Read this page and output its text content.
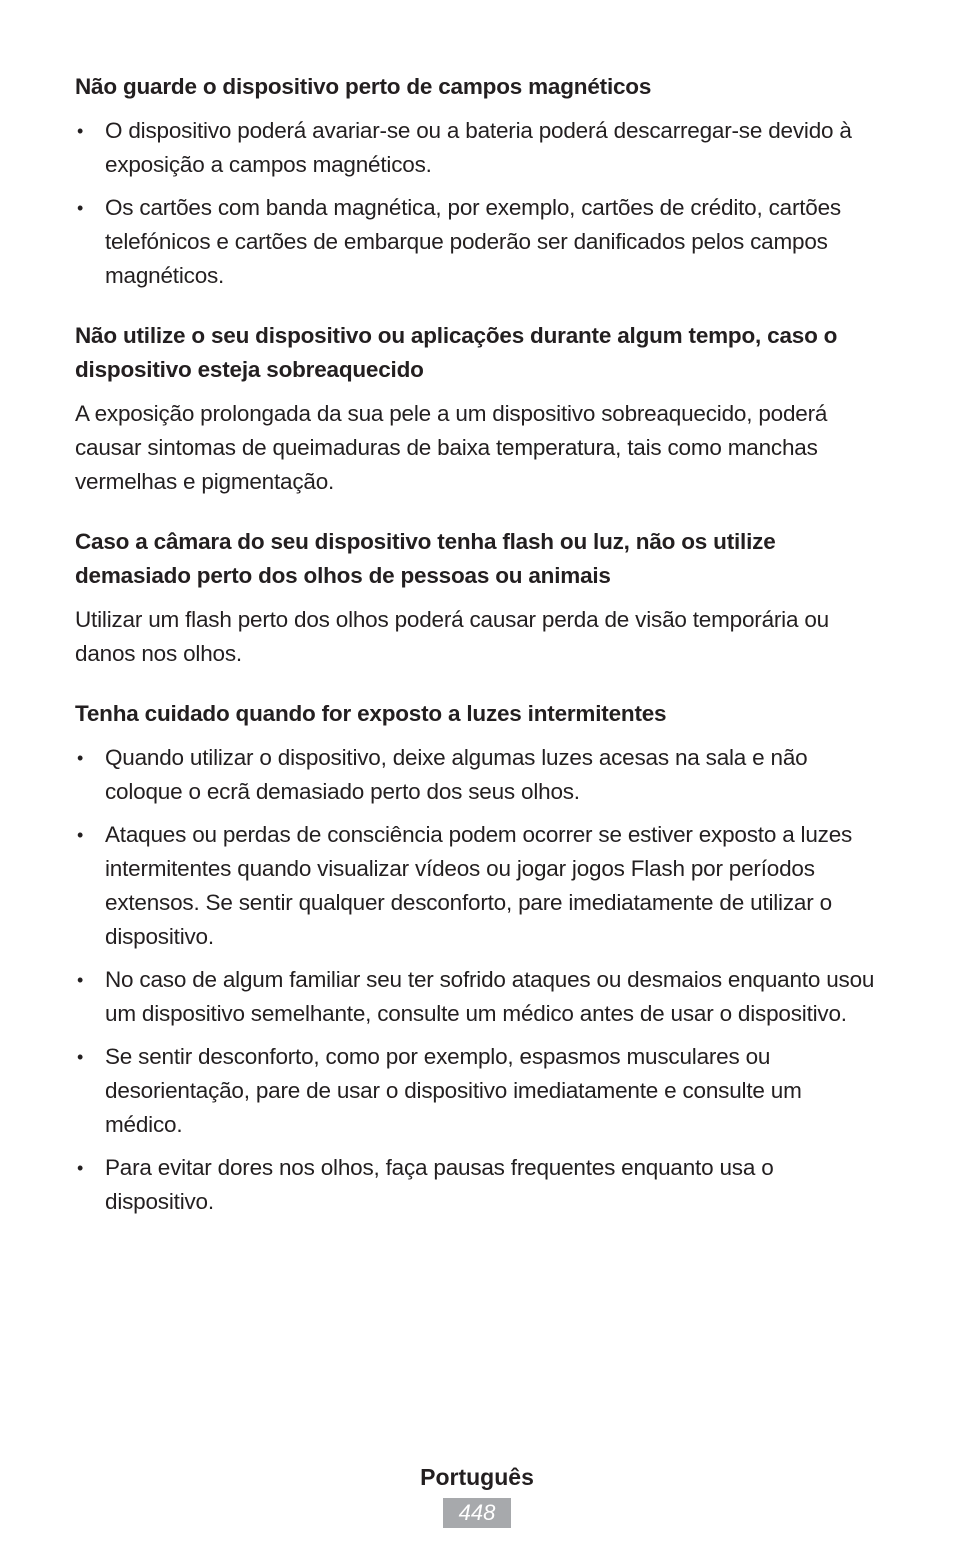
Não guarde o dispositivo perto de campos magnéticos
• O dispositivo poderá avariar-se ou a bateria poderá descarregar-se devido à exposição a campos magnéticos.
• Os cartões com banda magnética, por exemplo, cartões de crédito, cartões telefónicos e cartões de embarque poderão ser danificados pelos campos magnéticos.
Não utilize o seu dispositivo ou aplicações durante algum tempo, caso o dispositivo esteja sobreaquecido

A exposição prolongada da sua pele a um dispositivo sobreaquecido, poderá causar sintomas de queimaduras de baixa temperatura, tais como manchas vermelhas e pigmentação.

Caso a câmara do seu dispositivo tenha flash ou luz, não os utilize demasiado perto dos olhos de pessoas ou animais

Utilizar um flash perto dos olhos poderá causar perda de visão temporária ou danos nos olhos.

Tenha cuidado quando for exposto a luzes intermitentes
• Quando utilizar o dispositivo, deixe algumas luzes acesas na sala e não coloque o ecrã demasiado perto dos seus olhos.
• Ataques ou perdas de consciência podem ocorrer se estiver exposto a luzes intermitentes quando visualizar vídeos ou jogar jogos Flash por períodos extensos. Se sentir qualquer desconforto, pare imediatamente de utilizar o dispositivo.
• No caso de algum familiar seu ter sofrido ataques ou desmaios enquanto usou um dispositivo semelhante, consulte um médico antes de usar o dispositivo.
• Se sentir desconforto, como por exemplo, espasmos musculares ou desorientação, pare de usar o dispositivo imediatamente e consulte um médico.
• Para evitar dores nos olhos, faça pausas frequentes enquanto usa o dispositivo.
Português
448
